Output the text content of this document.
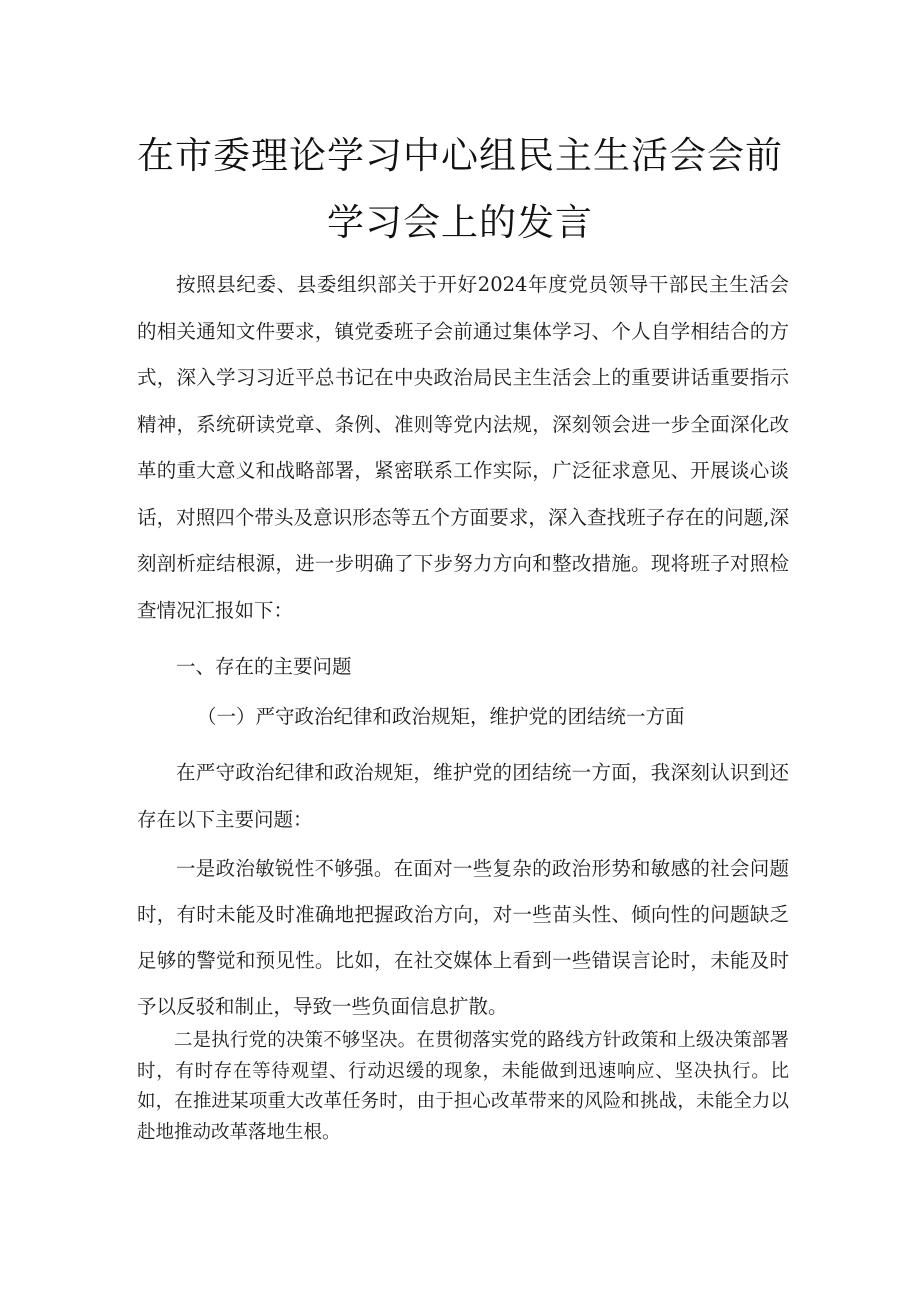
在市委理论学习中心组民主生活会会前
学习会上的发言
按照县纪委、县委组织部关于开好2024年度党员领导干部民主生活会的相关通知文件要求，镇党委班子会前通过集体学习、个人自学相结合的方式，深入学习习近平总书记在中央政治局民主生活会上的重要讲话重要指示精神，系统研读党章、条例、准则等党内法规，深刻领会进一步全面深化改革的重大意义和战略部署，紧密联系工作实际，广泛征求意见、开展谈心谈话，对照四个带头及意识形态等五个方面要求，深入查找班子存在的问题,深刻剖析症结根源，进一步明确了下步努力方向和整改措施。现将班子对照检查情况汇报如下：
一、存在的主要问题
（一）严守政治纪律和政治规矩，维护党的团结统一方面
在严守政治纪律和政治规矩，维护党的团结统一方面，我深刻认识到还存在以下主要问题：
一是政治敏锐性不够强。在面对一些复杂的政治形势和敏感的社会问题时，有时未能及时准确地把握政治方向，对一些苗头性、倾向性的问题缺乏足够的警觉和预见性。比如，在社交媒体上看到一些错误言论时，未能及时予以反驳和制止，导致一些负面信息扩散。
二是执行党的决策不够坚决。在贯彻落实党的路线方针政策和上级决策部署时，有时存在等待观望、行动迟缓的现象，未能做到迅速响应、坚决执行。比如，在推进某项重大改革任务时，由于担心改革带来的风险和挑战，未能全力以赴地推动改革落地生根。
